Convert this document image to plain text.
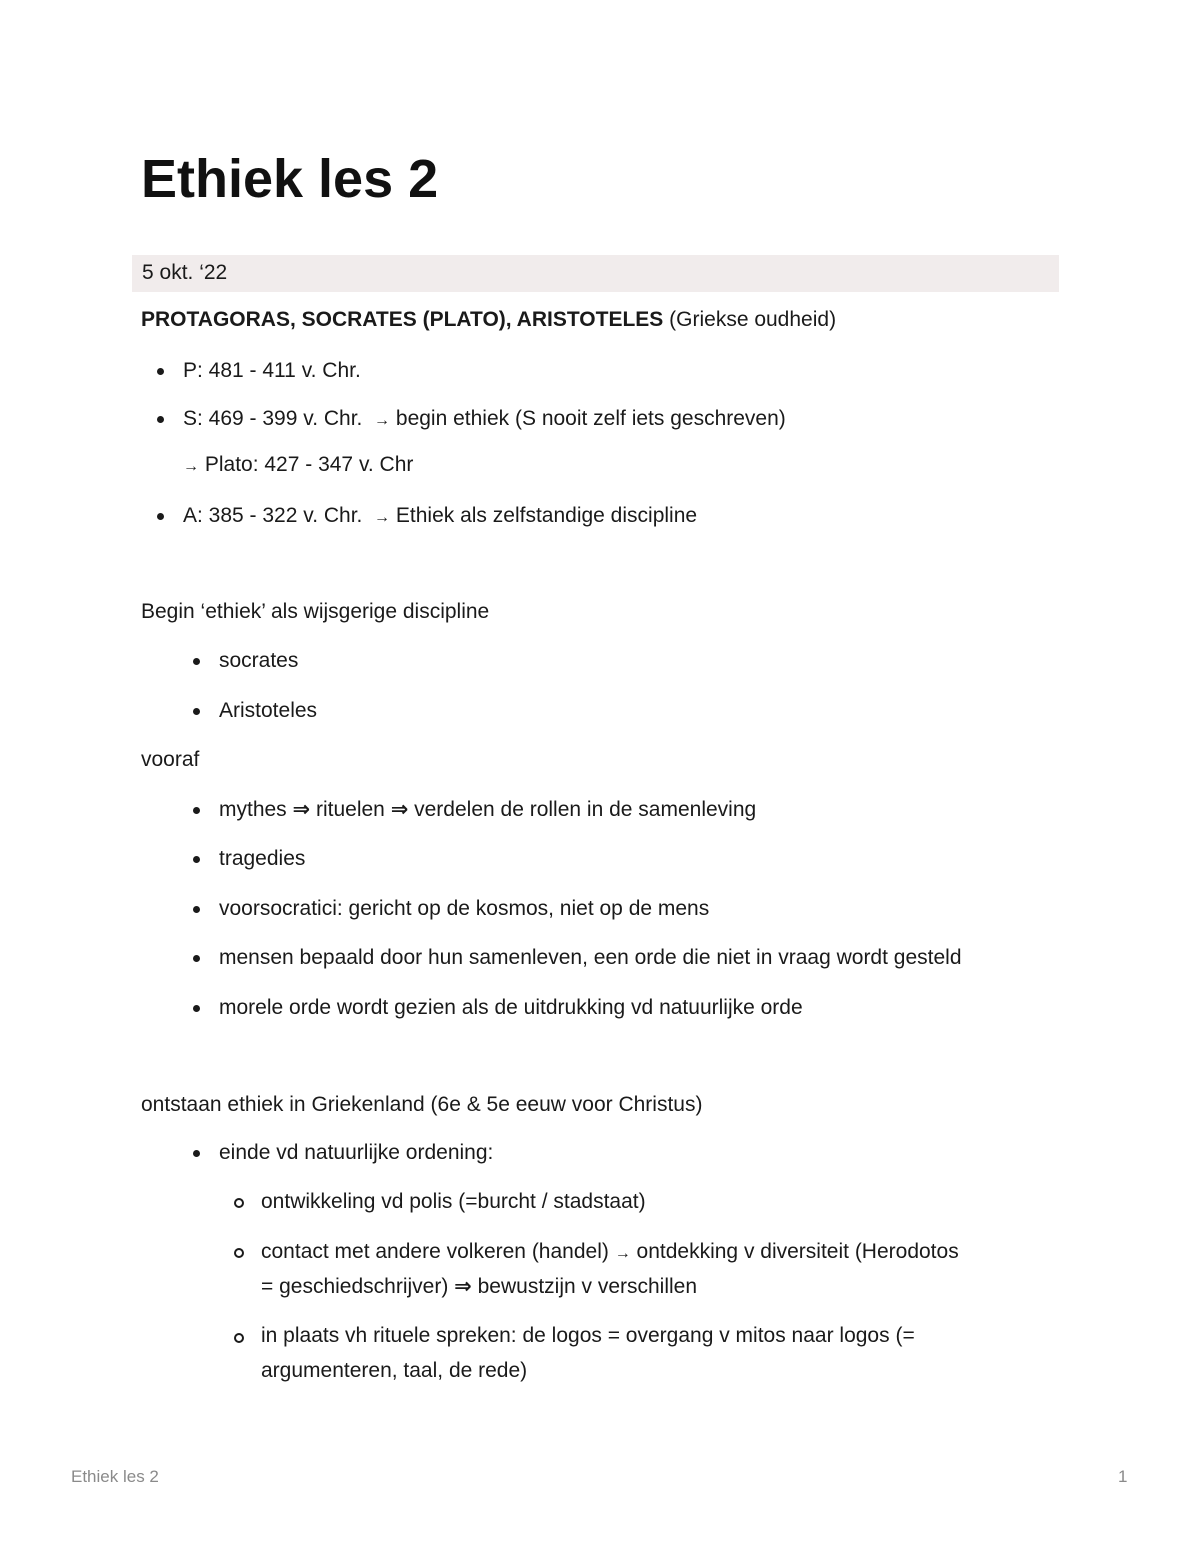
Ethiek les 2
5 okt. ‘22
PROTAGORAS, SOCRATES (PLATO), ARISTOTELES (Griekse oudheid)
P: 481 - 411 v. Chr.
S: 469 - 399 v. Chr. → begin ethiek (S nooit zelf iets geschreven)
→ Plato: 427 - 347 v. Chr
A: 385 - 322 v. Chr. → Ethiek als zelfstandige discipline
Begin ‘ethiek’ als wijsgerige discipline
socrates
Aristoteles
vooraf
mythes ⇒ rituelen ⇒ verdelen de rollen in de samenleving
tragedies
voorsocratici: gericht op de kosmos, niet op de mens
mensen bepaald door hun samenleven, een orde die niet in vraag wordt gesteld
morele orde wordt gezien als de uitdrukking vd natuurlijke orde
ontstaan ethiek in Griekenland (6e & 5e eeuw voor Christus)
einde vd natuurlijke ordening:
ontwikkeling vd polis (=burcht / stadstaat)
contact met andere volkeren (handel) → ontdekking v diversiteit (Herodotos
= geschiedschrijver) ⇒ bewustzijn v verschillen
in plaats vh rituele spreken: de logos = overgang v mitos naar logos (=
argumenteren, taal, de rede)
Ethiek les 2	1
